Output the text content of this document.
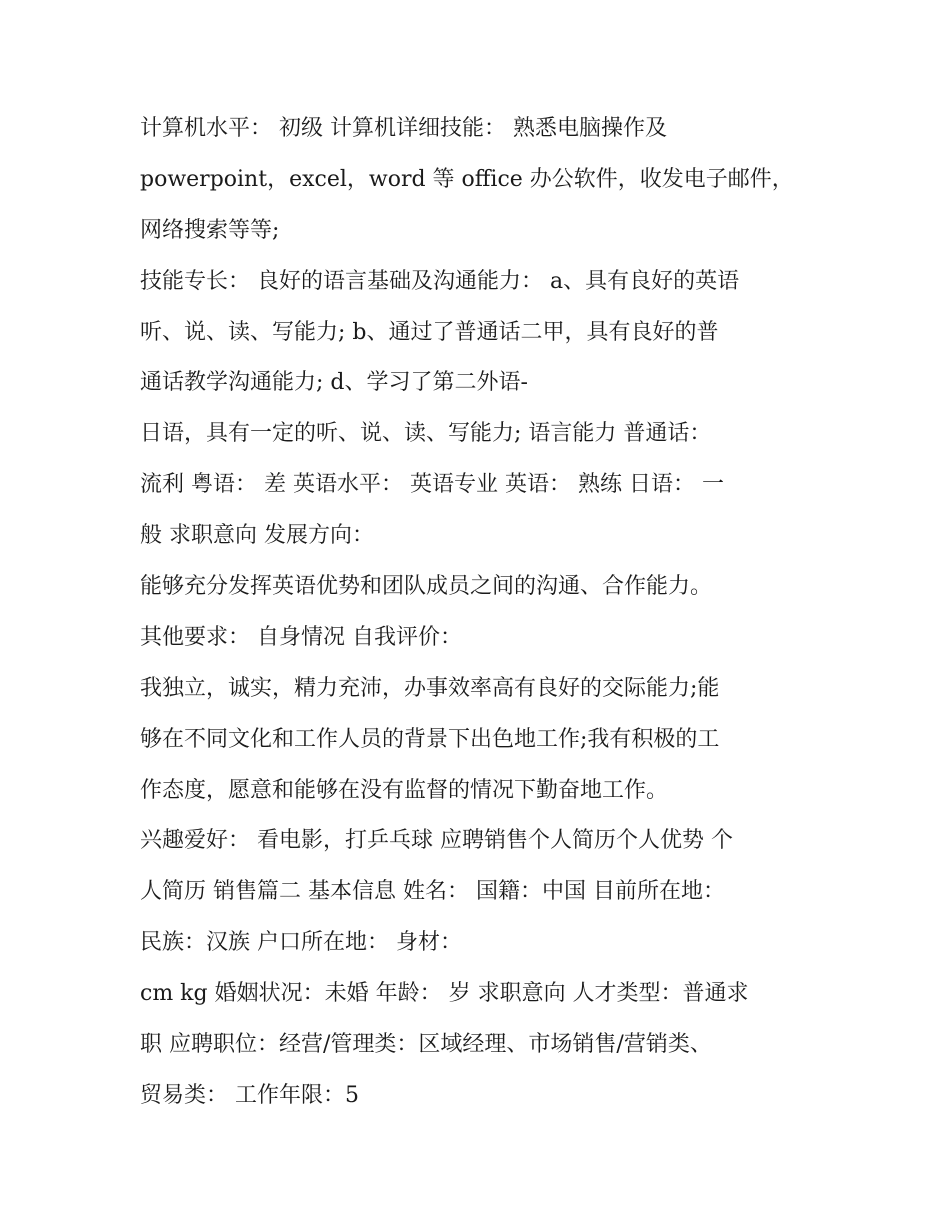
计算机水平： 初级 计算机详细技能： 熟悉电脑操作及
powerpoint，excel，word 等 office 办公软件，收发电子邮件，
网络搜索等等;
技能专长： 良好的语言基础及沟通能力： a、具有良好的英语
听、说、读、写能力; b、通过了普通话二甲，具有良好的普
通话教学沟通能力; d、学习了第二外语-
日语，具有一定的听、说、读、写能力; 语言能力 普通话：
流利 粤语： 差 英语水平： 英语专业 英语： 熟练 日语： 一
般 求职意向 发展方向：
能够充分发挥英语优势和团队成员之间的沟通、合作能力。
其他要求： 自身情况 自我评价：
我独立，诚实，精力充沛，办事效率高有良好的交际能力;能
够在不同文化和工作人员的背景下出色地工作;我有积极的工
作态度，愿意和能够在没有监督的情况下勤奋地工作。
兴趣爱好： 看电影，打乒乓球 应聘销售个人简历个人优势 个
人简历 销售篇二 基本信息 姓名： 国籍：中国 目前所在地：
民族：汉族 户口所在地： 身材：
cm kg 婚姻状况：未婚 年龄： 岁 求职意向 人才类型：普通求
职 应聘职位：经营/管理类：区域经理、市场销售/营销类、
贸易类： 工作年限：5
